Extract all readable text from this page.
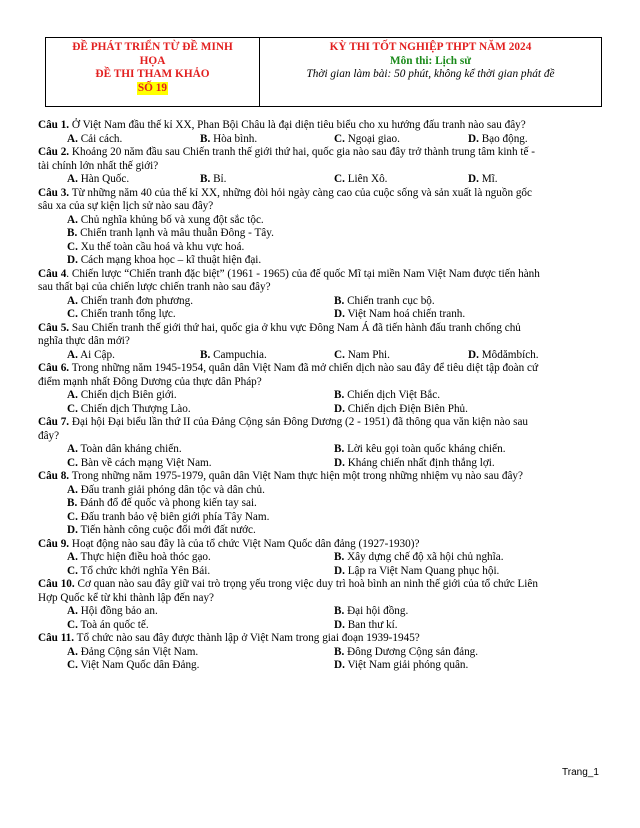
ĐỀ PHÁT TRIỂN TỪ ĐỀ MINH
HỌA
ĐỀ THI THAM KHẢO
SỐ 19
KỲ THI TỐT NGHIỆP THPT NĂM 2024
Môn thi: Lịch sử
Thời gian làm bài: 50 phút, không kể thời gian phát đề
Câu 1. Ở Việt Nam đầu thế kỉ XX, Phan Bội Châu là đại diện tiêu biểu cho xu hướng đấu tranh nào sau đây?
A. Cải cách.	B. Hòa bình.	C. Ngoại giao.	D. Bạo động.
Câu 2. Khoảng 20 năm đầu sau Chiến tranh thế giới thứ hai, quốc gia nào sau đây trở thành trung tâm kinh tế -
tài chính lớn nhất thế giới?
A. Hàn Quốc.	B. Bỉ.	C. Liên Xô.	D. Mĩ.
Câu 3. Từ những năm 40 của thế kỉ XX, những đòi hỏi ngày càng cao của cuộc sống và sản xuất là nguồn gốc
sâu xa của sự kiện lịch sử nào sau đây?
A. Chủ nghĩa khủng bố và xung đột sắc tộc.
B. Chiến tranh lạnh và mâu thuẫn Đông - Tây.
C. Xu thế toàn cầu hoá và khu vực hoá.
D. Cách mạng khoa học – kĩ thuật hiện đại.
Câu 4. Chiến lược “Chiến tranh đặc biệt” (1961 - 1965) của đế quốc Mĩ tại miền Nam Việt Nam được tiến hành
sau thất bại của chiến lược chiến tranh nào sau đây?
A. Chiến tranh đơn phương.	B. Chiến tranh cục bộ.
C. Chiến tranh tổng lực.	D. Việt Nam hoá chiến tranh.
Câu 5. Sau Chiến tranh thế giới thứ hai, quốc gia ở khu vực Đông Nam Á đã tiến hành đấu tranh chống chủ
nghĩa thực dân mới?
A. Ai Cập.	B. Campuchia.	C. Nam Phi.	D. Môdămbích.
Câu 6. Trong những năm 1945-1954, quân dân Việt Nam đã mở chiến dịch nào sau đây để tiêu diệt tập đoàn cứ
điểm mạnh nhất Đông Dương của thực dân Pháp?
A. Chiến dịch Biên giới.	B. Chiến dịch Việt Bắc.
C. Chiến dịch Thượng Lào.	D. Chiến dịch Điện Biên Phủ.
Câu 7. Đại hội Đại biểu lần thứ II của Đảng Cộng sản Đông Dương (2 - 1951) đã thông qua văn kiện nào sau
đây?
A. Toàn dân kháng chiến.	B. Lời kêu gọi toàn quốc kháng chiến.
C. Bàn về cách mạng Việt Nam.	D. Kháng chiến nhất định thắng lợi.
Câu 8. Trong những năm 1975-1979, quân dân Việt Nam thực hiện một trong những nhiệm vụ nào sau đây?
A. Đấu tranh giải phóng dân tộc và dân chủ.
B. Đánh đổ đế quốc và phong kiến tay sai.
C. Đấu tranh bảo vệ biên giới phía Tây Nam.
D. Tiến hành công cuộc đổi mới đất nước.
Câu 9. Hoạt động nào sau đây là của tổ chức Việt Nam Quốc dân đảng (1927-1930)?
A. Thực hiện điều hoà thóc gạo.	B. Xây dựng chế độ xã hội chủ nghĩa.
C. Tổ chức khởi nghĩa Yên Bái.	D. Lập ra Việt Nam Quang phục hội.
Câu 10. Cơ quan nào sau đây giữ vai trò trọng yếu trong việc duy trì hoà bình an ninh thế giới của tổ chức Liên
Hợp Quốc kể từ khi thành lập đến nay?
A. Hội đồng bảo an.	B. Đại hội đồng.
C. Toà án quốc tế.	D. Ban thư kí.
Câu 11. Tổ chức nào sau đây được thành lập ở Việt Nam trong giai đoạn 1939-1945?
A. Đảng Cộng sản Việt Nam.	B. Đông Dương Cộng sản đảng.
C. Việt Nam Quốc dân Đảng.	D. Việt Nam giải phóng quân.
Trang_1
